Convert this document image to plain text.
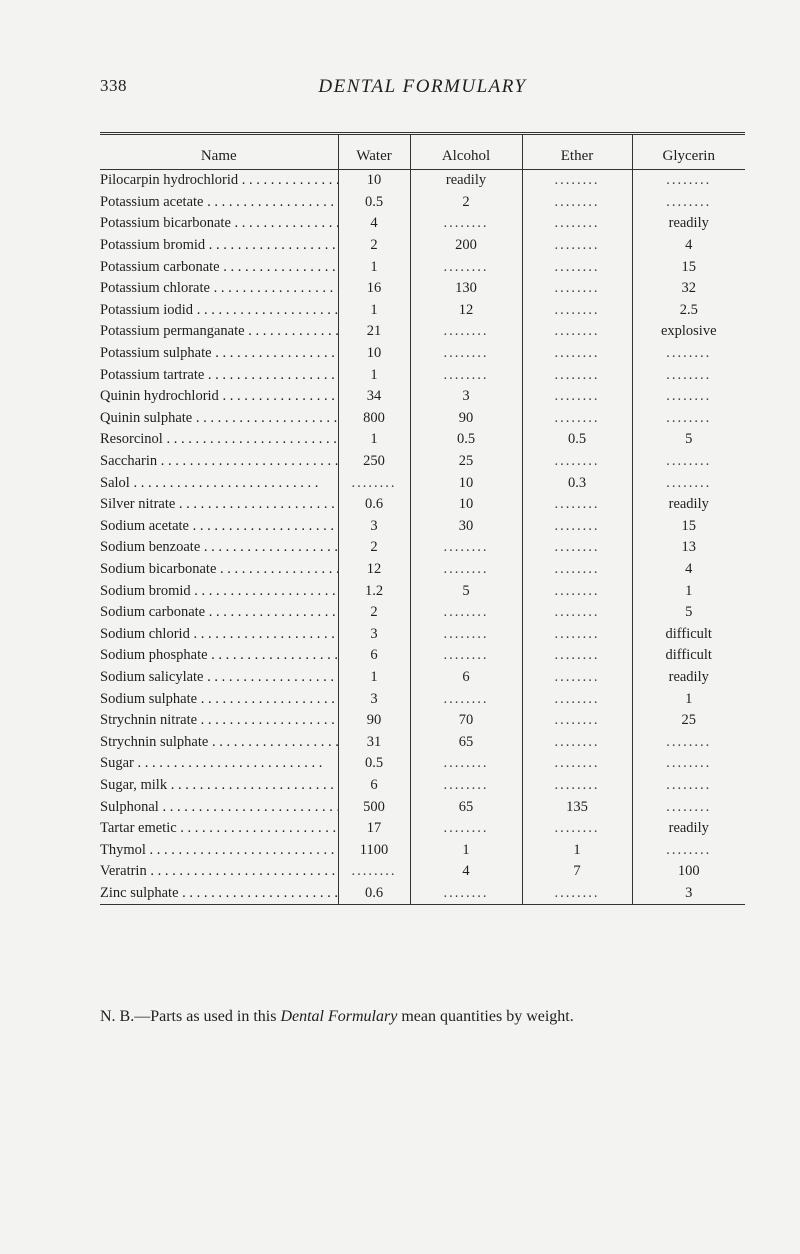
338	DENTAL FORMULARY
Name	Water	Alcohol	Ether	Glycerin
Pilocarpin hydrochlorid . . .	10	readily	........	........
Potassium acetate . . .	0.5	2	........	........
Potassium bicarbonate . . .	4	........	........	readily
Potassium bromid . . .	2	200	........	4
Potassium carbonate . . .	1	........	........	15
Potassium chlorate . . .	16	130	........	32
Potassium iodid . . .	1	12	........	2.5
Potassium permanganate . . .	21	........	........	explosive
Potassium sulphate . . .	10	........	........	........
Potassium tartrate . . .	1	........	........	........
Quinin hydrochlorid . . .	34	3	........	........
Quinin sulphate . . .	800	90	........	........
Resorcinol . . .	1	0.5	0.5	5
Saccharin . . .	250	25	........	........
Salol . . .	........	10	0.3	........
Silver nitrate . . .	0.6	10	........	readily
Sodium acetate . . .	3	30	........	15
Sodium benzoate . . .	2	........	........	13
Sodium bicarbonate . . .	12	........	........	4
Sodium bromid . . .	1.2	5	........	1
Sodium carbonate . . .	2	........	........	5
Sodium chlorid . . .	3	........	........	difficult
Sodium phosphate . . .	6	........	........	difficult
Sodium salicylate . . .	1	6	........	readily
Sodium sulphate . . .	3	........	........	1
Strychnin nitrate . . .	90	70	........	25
Strychnin sulphate . . .	31	65	........	........
Sugar . . .	0.5	........	........	........
Sugar, milk . . .	6	........	........	........
Sulphonal . . .	500	65	135	........
Tartar emetic . . .	17	........	........	readily
Thymol . . .	1100	1	1	........
Veratrin . . .	........	4	7	100
Zinc sulphate . . .	0.6	........	........	3
N. B.—Parts as used in this Dental Formulary mean quantities by weight.
